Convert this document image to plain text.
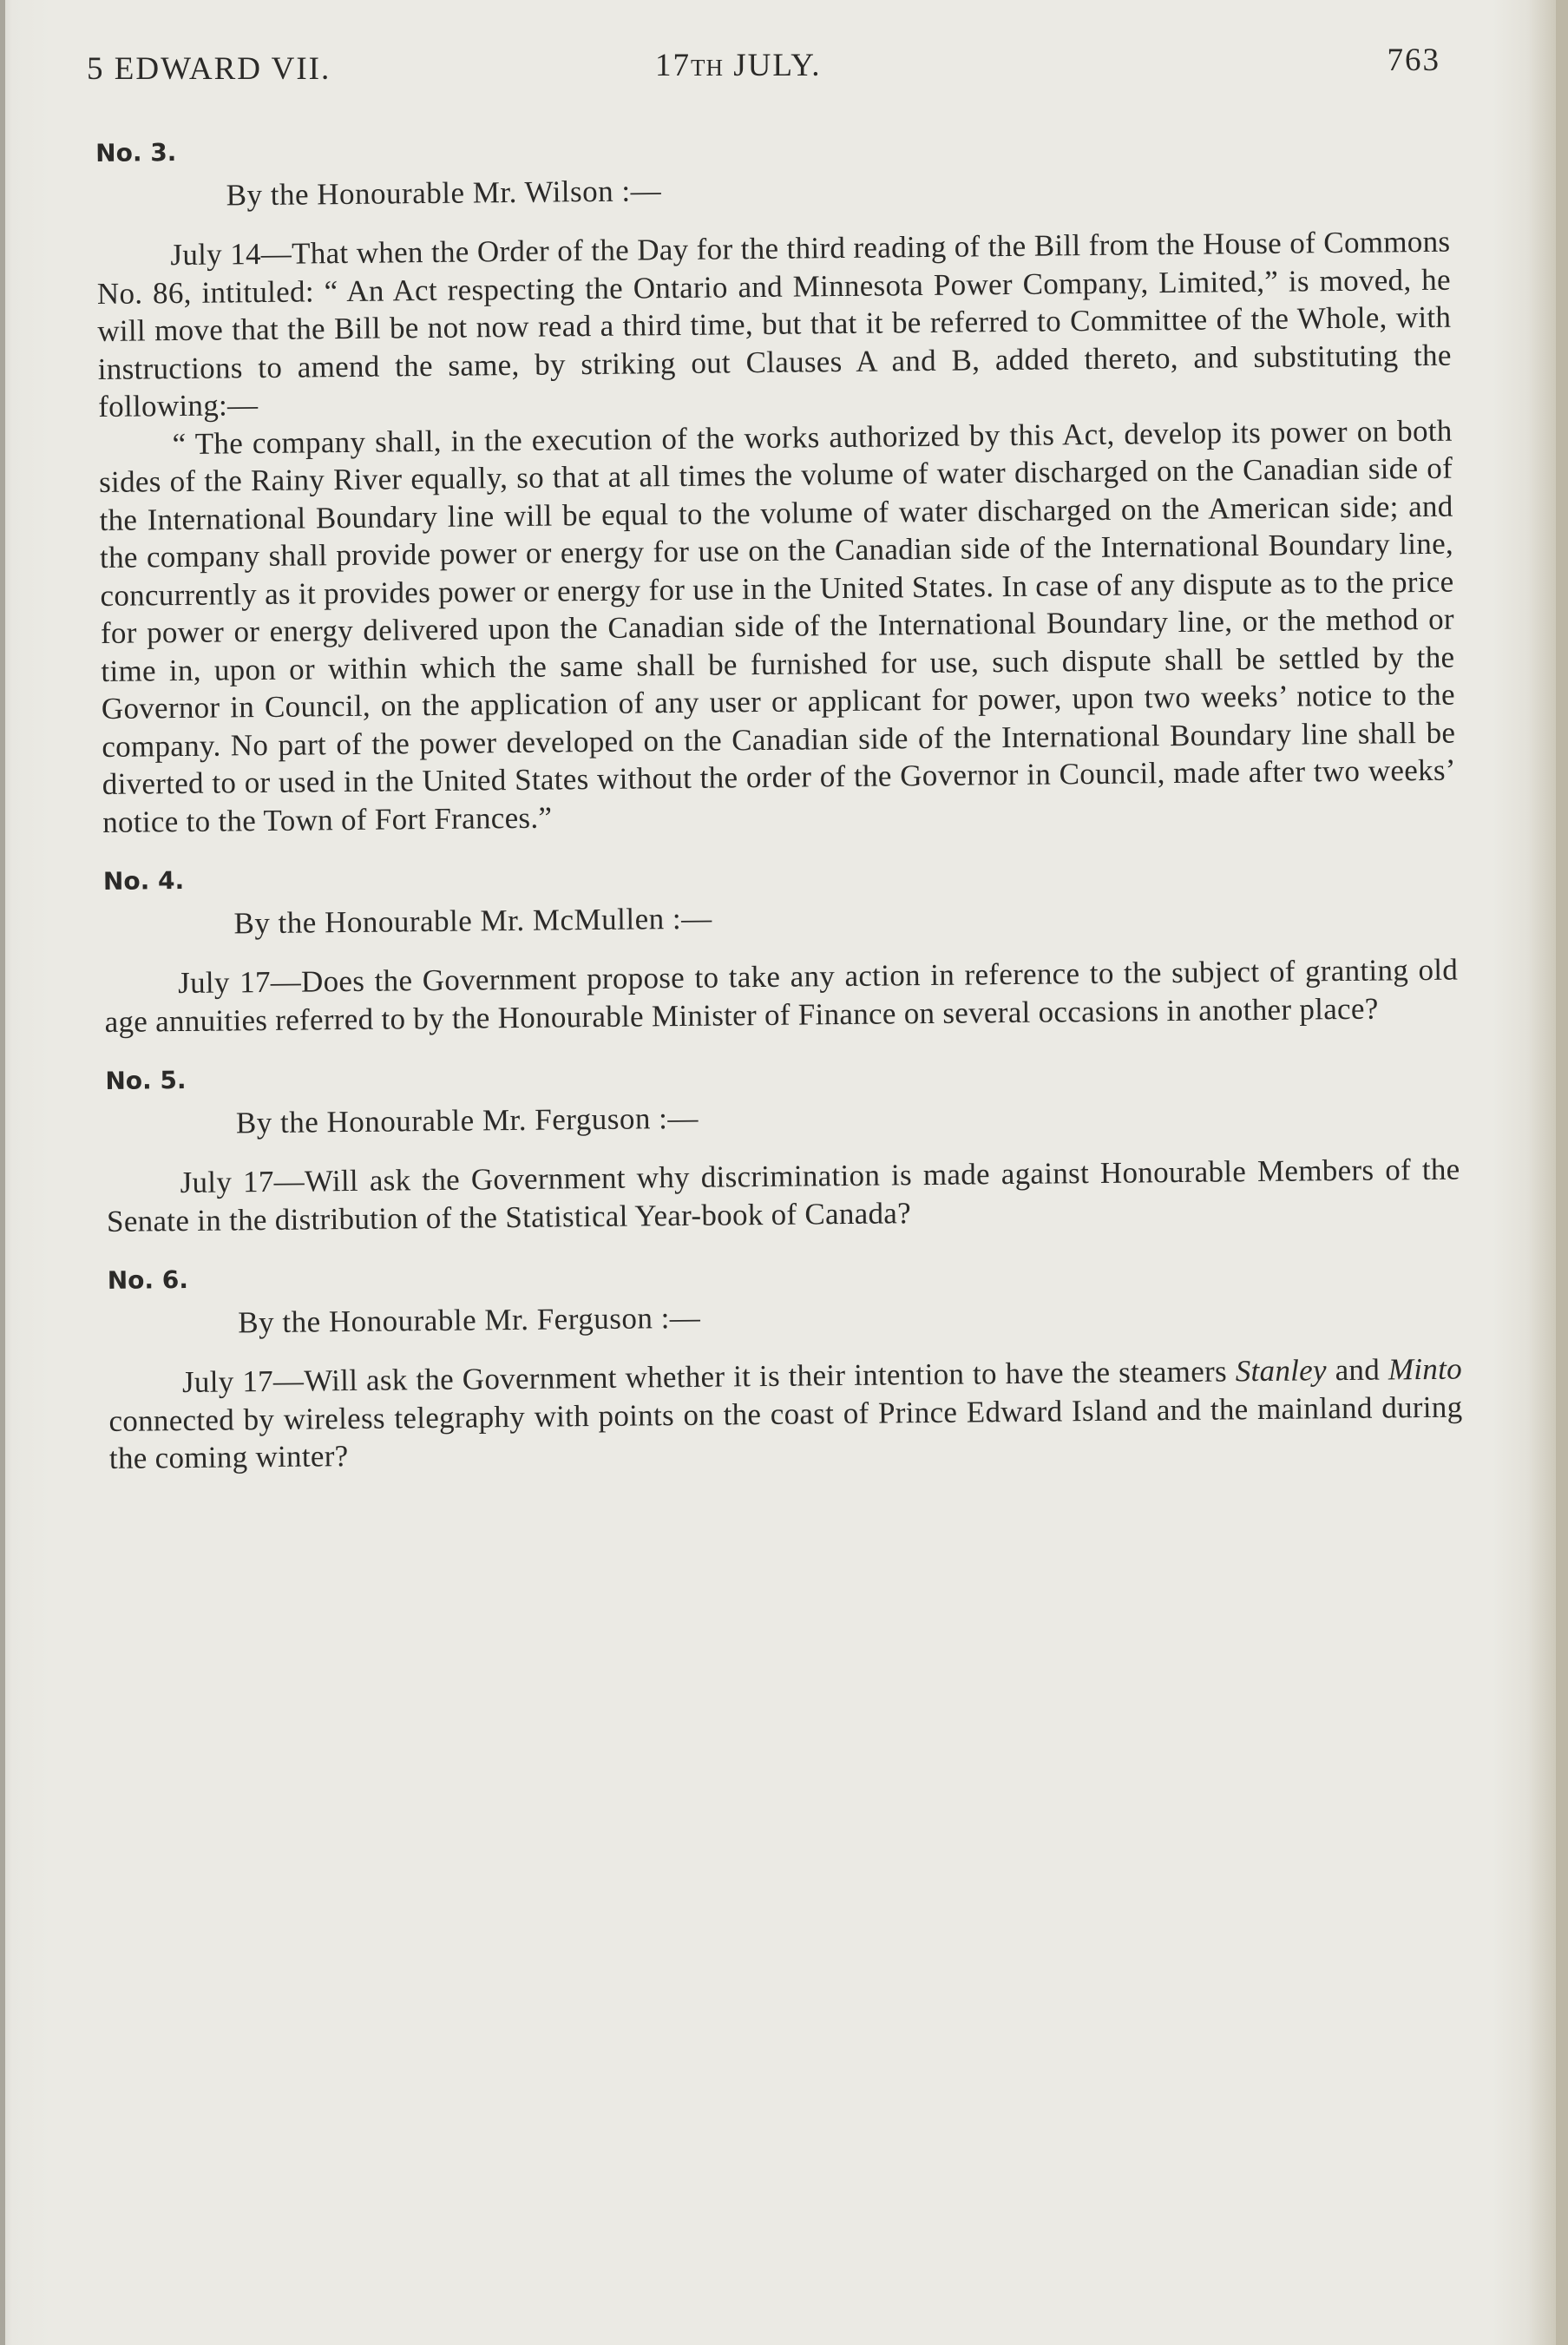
5 EDWARD VII.	17TH JULY.	763
No. 3.
By the Honourable Mr. Wilson :—

July 14—That when the Order of the Day for the third reading of the Bill from the House of Commons No. 86, intituled: “ An Act respecting the Ontario and Minnesota Power Company, Limited,” is moved, he will move that the Bill be not now read a third time, but that it be referred to Committee of the Whole, with instructions to amend the same, by striking out Clauses A and B, added thereto, and substituting the following:—

“ The company shall, in the execution of the works authorized by this Act, develop its power on both sides of the Rainy River equally, so that at all times the volume of water discharged on the Canadian side of the International Boundary line will be equal to the volume of water discharged on the American side; and the company shall provide power or energy for use on the Canadian side of the International Boundary line, concurrently as it provides power or energy for use in the United States. In case of any dispute as to the price for power or energy delivered upon the Canadian side of the International Boundary line, or the method or time in, upon or within which the same shall be furnished for use, such dispute shall be settled by the Governor in Council, on the application of any user or applicant for power, upon two weeks’ notice to the company. No part of the power developed on the Canadian side of the International Boundary line shall be diverted to or used in the United States without the order of the Governor in Council, made after two weeks’ notice to the Town of Fort Frances.”

No. 4.
By the Honourable Mr. McMullen :—

July 17—Does the Government propose to take any action in reference to the subject of granting old age annuities referred to by the Honourable Minister of Finance on several occasions in another place?

No. 5.
By the Honourable Mr. Ferguson :—

July 17—Will ask the Government why discrimination is made against Honourable Members of the Senate in the distribution of the Statistical Year-book of Canada?

No. 6.
By the Honourable Mr. Ferguson :—

July 17—Will ask the Government whether it is their intention to have the steamers Stanley and Minto connected by wireless telegraphy with points on the coast of Prince Edward Island and the mainland during the coming winter?
